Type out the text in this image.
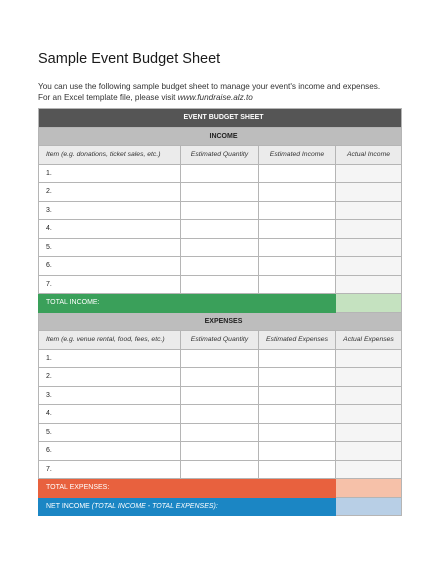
Sample Event Budget Sheet
You can use the following sample budget sheet to manage your event's income and expenses.
For an Excel template file, please visit www.fundraise.alz.to
EVENT BUDGET SHEET			
INCOME			
Item (e.g. donations, ticket sales, etc.)	Estimated Quantity	Estimated Income	Actual Income
1.			
2.			
3.			
4.			
5.			
6.			
7.			
TOTAL INCOME:			
EXPENSES			
Item (e.g. venue rental, food, fees, etc.)	Estimated Quantity	Estimated Expenses	Actual Expenses
1.			
2.			
3.			
4.			
5.			
6.			
7.			
TOTAL EXPENSES:			
NET INCOME (TOTAL INCOME - TOTAL EXPENSES):			
